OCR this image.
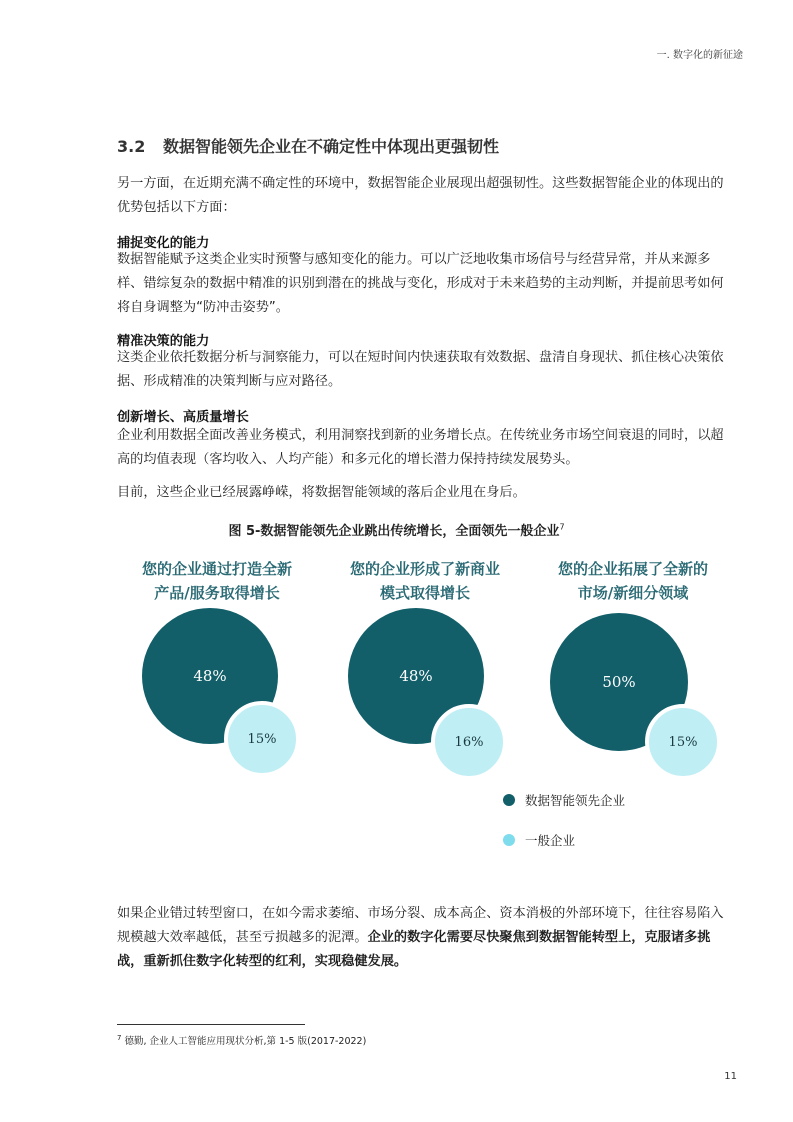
一. 数字化的新征途
3.2 数据智能领先企业在不确定性中体现出更强韧性
另一方面，在近期充满不确定性的环境中，数据智能企业展现出超强韧性。这些数据智能企业的体现出的优势包括以下方面：
捕捉变化的能力
数据智能赋予这类企业实时预警与感知变化的能力。可以广泛地收集市场信号与经营异常，并从来源多样、错综复杂的数据中精准的识别到潜在的挑战与变化，形成对于未来趋势的主动判断，并提前思考如何将自身调整为“防冲击姿势”。
精准决策的能力
这类企业依托数据分析与洞察能力，可以在短时间内快速获取有效数据、盘清自身现状、抓住核心决策依据、形成精准的决策判断与应对路径。
创新增长、高质量增长
企业利用数据全面改善业务模式，利用洞察找到新的业务增长点。在传统业务市场空间衰退的同时，以超高的均值表现（客均收入、人均产能）和多元化的增长潜力保持持续发展势头。
目前，这些企业已经展露峥嵘，将数据智能领域的落后企业甩在身后。
图 5-数据智能领先企业跳出传统增长，全面领先一般企业$^7$
您的企业通过打造全新
产品/服务取得增长
您的企业形成了新商业
模式取得增长
您的企业拓展了全新的
市场/新细分领域
48%
15%
48%
16%
50%
15%
数据智能领先企业
一般企业
如果企业错过转型窗口，在如今需求萎缩、市场分裂、成本高企、资本消极的外部环境下，往往容易陷入规模越大效率越低，甚至亏损越多的泥潭。企业的数字化需要尽快聚焦到数据智能转型上，克服诸多挑战，重新抓住数字化转型的红利，实现稳健发展。
$^7$ 德勤, 企业人工智能应用现状分析,第 1-5 版(2017-2022)
11
